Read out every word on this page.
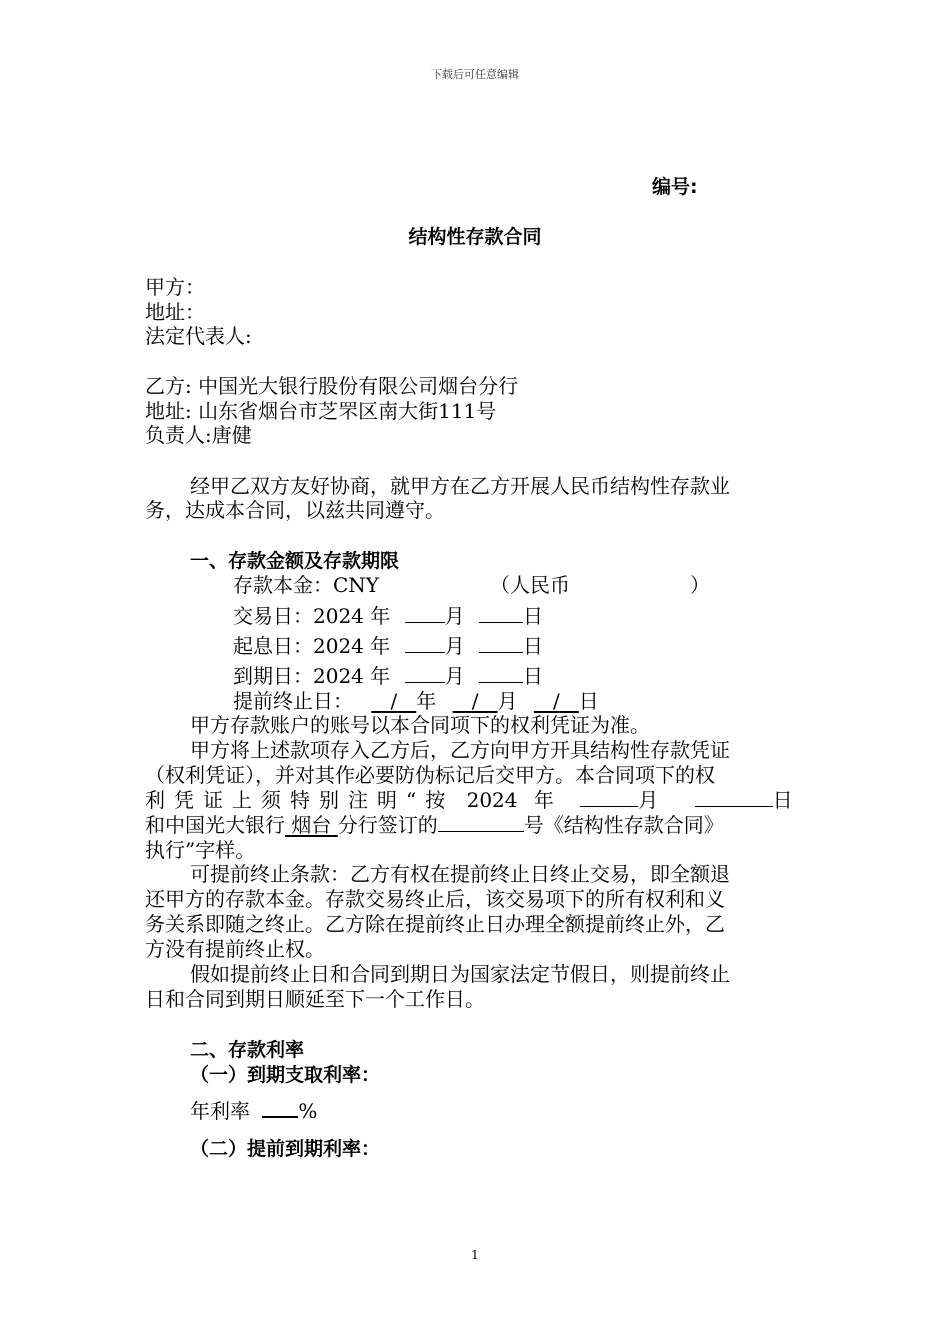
下载后可任意编辑
编号:
结构性存款合同
甲方：
地址：
法定代表人:
乙方: 中国光大银行股份有限公司烟台分行
地址: 山东省烟台市芝罘区南大街111号
负责人:唐健
经甲乙双方友好协商，就甲方在乙方开展人民币结构性存款业
务，达成本合同，以兹共同遵守。
一、存款金额及存款期限
存款本金：CNY	（人民币	）
交易日：2024 年	月	日
起息日：2024 年	月	日
到期日：2024 年	月	日
提前终止日： / 年 / 月 / 日
甲方存款账户的账号以本合同项下的权利凭证为准。
甲方将上述款项存入乙方后，乙方向甲方开具结构性存款凭证
（权利凭证），并对其作必要防伪标记后交甲方。本合同项下的权
利凭证上须特别注明“按 2024 年	月	日
和中国光大银行 烟台 分行签订的	号《结构性存款合同》
执行”字样。
可提前终止条款：乙方有权在提前终止日终止交易，即全额退
还甲方的存款本金。存款交易终止后，该交易项下的所有权利和义
务关系即随之终止。乙方除在提前终止日办理全额提前终止外，乙
方没有提前终止权。
假如提前终止日和合同到期日为国家法定节假日，则提前终止
日和合同到期日顺延至下一个工作日。
二、存款利率
（一）到期支取利率：
年利率 %
（二）提前到期利率：
1
